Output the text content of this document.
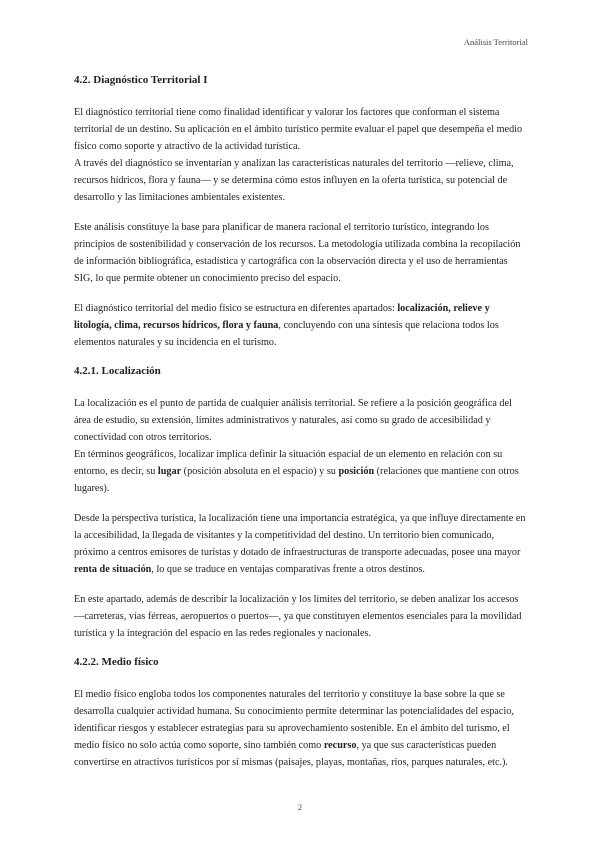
Análisis Territorial
4.2. Diagnóstico Territorial I

El diagnóstico territorial tiene como finalidad identificar y valorar los factores que conforman el sistema territorial de un destino. Su aplicación en el ámbito turístico permite evaluar el papel que desempeña el medio físico como soporte y atractivo de la actividad turística.
A través del diagnóstico se inventarían y analizan las características naturales del territorio —relieve, clima, recursos hídricos, flora y fauna— y se determina cómo estos influyen en la oferta turística, su potencial de desarrollo y las limitaciones ambientales existentes.

Este análisis constituye la base para planificar de manera racional el territorio turístico, integrando los principios de sostenibilidad y conservación de los recursos. La metodología utilizada combina la recopilación de información bibliográfica, estadística y cartográfica con la observación directa y el uso de herramientas SIG, lo que permite obtener un conocimiento preciso del espacio.

El diagnóstico territorial del medio físico se estructura en diferentes apartados: localización, relieve y litología, clima, recursos hídricos, flora y fauna, concluyendo con una síntesis que relaciona todos los elementos naturales y su incidencia en el turismo.

4.2.1. Localización

La localización es el punto de partida de cualquier análisis territorial. Se refiere a la posición geográfica del área de estudio, su extensión, límites administrativos y naturales, así como su grado de accesibilidad y conectividad con otros territorios.
En términos geográficos, localizar implica definir la situación espacial de un elemento en relación con su entorno, es decir, su lugar (posición absoluta en el espacio) y su posición (relaciones que mantiene con otros lugares).

Desde la perspectiva turística, la localización tiene una importancia estratégica, ya que influye directamente en la accesibilidad, la llegada de visitantes y la competitividad del destino. Un territorio bien comunicado, próximo a centros emisores de turistas y dotado de infraestructuras de transporte adecuadas, posee una mayor renta de situación, lo que se traduce en ventajas comparativas frente a otros destinos.

En este apartado, además de describir la localización y los límites del territorio, se deben analizar los accesos —carreteras, vías férreas, aeropuertos o puertos—, ya que constituyen elementos esenciales para la movilidad turística y la integración del espacio en las redes regionales y nacionales.

4.2.2. Medio físico

El medio físico engloba todos los componentes naturales del territorio y constituye la base sobre la que se desarrolla cualquier actividad humana. Su conocimiento permite determinar las potencialidades del espacio, identificar riesgos y establecer estrategias para su aprovechamiento sostenible. En el ámbito del turismo, el medio físico no solo actúa como soporte, sino también como recurso, ya que sus características pueden convertirse en atractivos turísticos por sí mismas (paisajes, playas, montañas, ríos, parques naturales, etc.).

2
